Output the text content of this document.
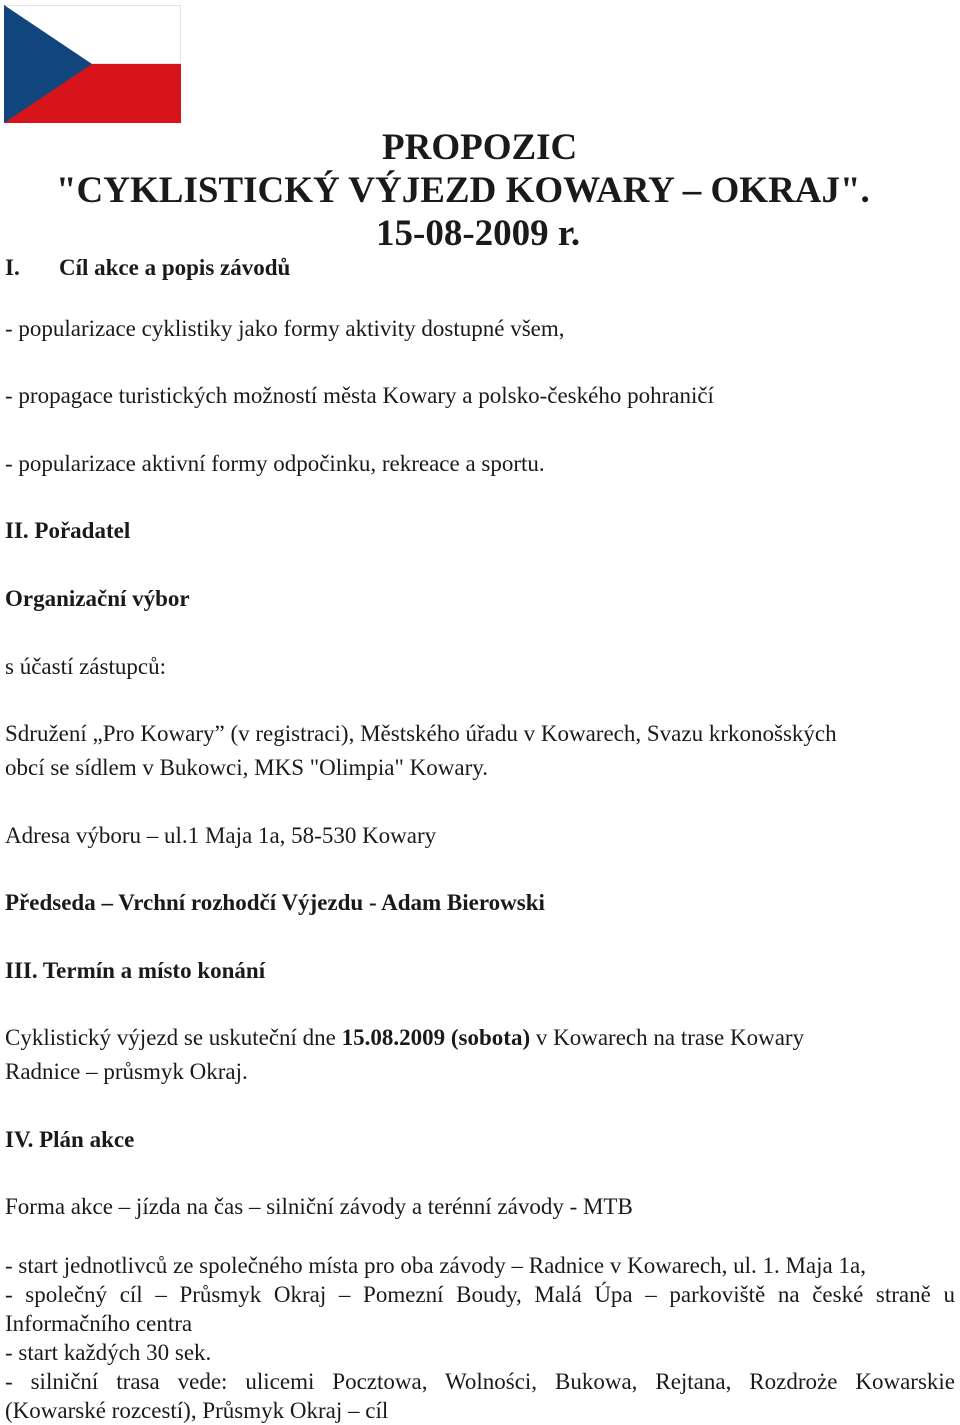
PROPOZIC
"CYKLISTICKÝ VÝJEZD KOWARY – OKRAJ".
15-08-2009 r.
I. Cíl akce a popis závodů
- popularizace cyklistiky jako formy aktivity dostupné všem,
- propagace turistických možností města Kowary a polsko-českého pohraničí
- popularizace aktivní formy odpočinku, rekreace a sportu.
II. Pořadatel
Organizační výbor
s účastí zástupců:
Sdružení „Pro Kowary” (v registraci), Městského úřadu v Kowarech, Svazu krkonošských
obcí se sídlem v Bukowci, MKS "Olimpia" Kowary.
Adresa výboru – ul.1 Maja 1a, 58-530 Kowary
Předseda – Vrchní rozhodčí Výjezdu - Adam Bierowski
III. Termín a místo konání
Cyklistický výjezd se uskuteční dne 15.08.2009 (sobota) v Kowarech na trase Kowary
Radnice – průsmyk Okraj.
IV. Plán akce
Forma akce – jízda na čas – silniční závody a terénní závody - MTB
- start jednotlivců ze společného místa pro oba závody – Radnice v Kowarech, ul. 1. Maja 1a,
- společný cíl – Průsmyk Okraj – Pomezní Boudy, Malá Úpa – parkoviště na české straně u
Informačního centra
- start každých 30 sek.
- silniční trasa vede: ulicemi Pocztowa, Wolności, Bukowa, Rejtana, Rozdroże Kowarskie
(Kowarské rozcestí), Průsmyk Okraj – cíl
